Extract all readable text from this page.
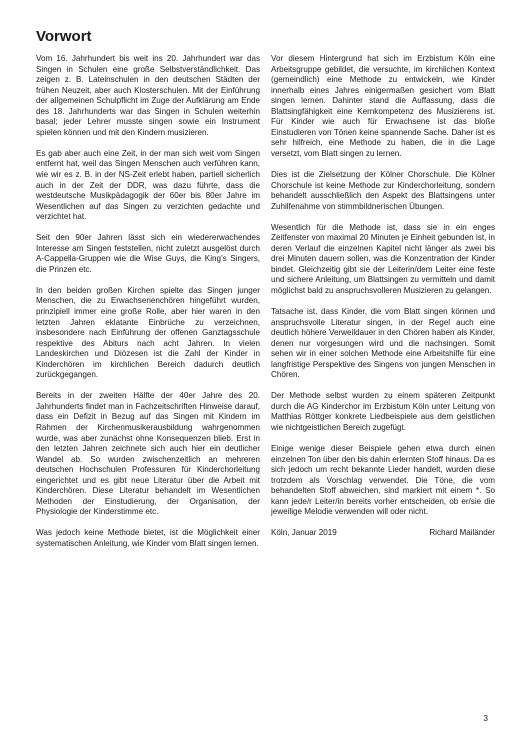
Vorwort

Vom 16. Jahrhundert bis weit ins 20. Jahrhundert war das Singen in Schulen eine große Selbstverständlichkeit. Das zeigen z. B. Lateinschulen in den deutschen Städten der frühen Neuzeit, aber auch Klosterschulen. Mit der Einführung der allgemeinen Schulpflicht im Zuge der Aufklärung am Ende des 18. Jahrhunderts war das Singen in Schulen weiterhin basal; jeder Lehrer musste singen sowie ein Instrument spielen können und mit den Kindern musizieren.

Es gab aber auch eine Zeit, in der man sich weit vom Singen entfernt hat, weil das Singen Menschen auch verführen kann, wie wir es z. B. in der NS-Zeit erlebt haben, partiell sicherlich auch in der Zeit der DDR, was dazu führte, dass die westdeutsche Musikpädagogik der 60er bis 80er Jahre im Wesentlichen auf das Singen zu verzichten gedachte und verzichtet hat.

Seit den 90er Jahren lässt sich ein wiedererwachendes Interesse am Singen feststellen, nicht zuletzt ausgelöst durch A-Cappella-Gruppen wie die Wise Guys, die King’s Singers, die Prinzen etc.

In den beiden großen Kirchen spielte das Singen junger Menschen, die zu Erwachsenenchören hingeführt wurden, prinzipiell immer eine große Rolle, aber hier waren in den letzten Jahren eklatante Einbrüche zu verzeichnen, insbesondere nach Einführung der offenen Ganztagsschule respektive des Abiturs nach acht Jahren. In vielen Landeskirchen und Diözesen ist die Zahl der Kinder in Kinderchören im kirchlichen Bereich dadurch deutlich zurückgegangen.

Bereits in der zweiten Hälfte der 40er Jahre des 20. Jahrhunderts findet man in Fachzeitschriften Hinweise darauf, dass ein Defizit in Bezug auf das Singen mit Kindern im Rahmen der Kirchenmusikerausbildung wahrgenommen wurde, was aber zunächst ohne Konsequenzen blieb. Erst in den letzten Jahren zeichnete sich auch hier ein deutlicher Wandel ab. So wurden zwischenzeitlich an mehreren deutschen Hochschulen Professuren für Kinderchorleitung eingerichtet und es gibt neue Literatur über die Arbeit mit Kinderchören. Diese Literatur behandelt im Wesentlichen Methoden der Einstudierung, der Organisation, der Physiologie der Kinderstimme etc.

Was jedoch keine Methode bietet, ist die Möglichkeit einer systematischen Anleitung, wie Kinder vom Blatt singen lernen.

Vor diesem Hintergrund hat sich im Erzbistum Köln eine Arbeitsgruppe gebildet, die versuchte, im kirchlichen Kontext (gemeindlich) eine Methode zu entwickeln, wie Kinder innerhalb eines Jahres einigermaßen gesichert vom Blatt singen lernen. Dahinter stand die Auffassung, dass die Blattsingfähigkeit eine Kernkompetenz des Musizierens ist. Für Kinder wie auch für Erwachsene ist das bloße Einstudieren von Tönen keine spannende Sache. Daher ist es sehr hilfreich, eine Methode zu haben, die in die Lage versetzt, vom Blatt singen zu lernen.

Dies ist die Zielsetzung der Kölner Chorschule. Die Kölner Chorschule ist keine Methode zur Kinderchorleitung, sondern behandelt ausschließlich den Aspekt des Blattsingens unter Zuhilfenahme von stimmbildnerischen Übungen.

Wesentlich für die Methode ist, dass sie in ein enges Zeitfenster von maximal 20 Minuten je Einheit gebunden ist, in deren Verlauf die einzelnen Kapitel nicht länger als zwei bis drei Minuten dauern sollen, was die Konzentration der Kinder bindet. Gleichzeitig gibt sie der Leiterin/dem Leiter eine feste und sichere Anleitung, um Blattsingen zu vermitteln und damit möglichst bald zu anspruchsvolleren Musizieren zu gelangen.

Tatsache ist, dass Kinder, die vom Blatt singen können und anspruchsvolle Literatur singen, in der Regel auch eine deutlich höhere Verweildauer in den Chören haben als Kinder, denen nur vorgesungen wird und die nachsingen. Somit sehen wir in einer solchen Methode eine Arbeitshilfe für eine langfristige Perspektive des Singens von jungen Menschen in Chören.

Der Methode selbst wurden zu einem späteren Zeitpunkt durch die AG Kinderchor im Erzbistum Köln unter Leitung von Matthias Röttger konkrete Liedbeispiele aus dem geistlichen wie nichtgeistlichen Bereich zugefügt.

Einige wenige dieser Beispiele gehen etwa durch einen einzelnen Ton über den bis dahin erlernten Stoff hinaus. Da es sich jedoch um recht bekannte Lieder handelt, wurden diese trotzdem als Vorschlag verwendet. Die Töne, die vom behandelten Stoff abweichen, sind markiert mit einem *. So kann jede/r Leiter/in bereits vorher entscheiden, ob er/sie die jeweilige Melodie verwenden will oder nicht.

Köln, Januar 2019	Richard Mailänder
3
